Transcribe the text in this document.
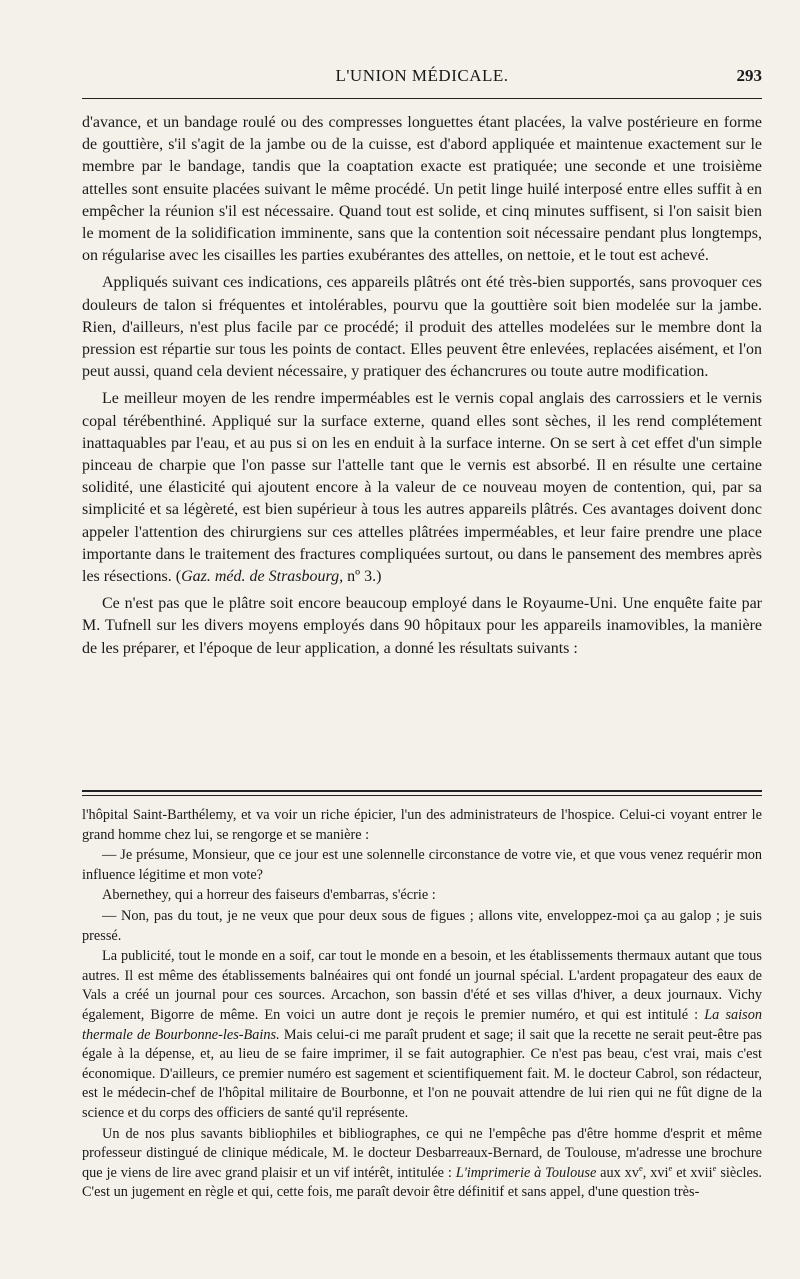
L'UNION MÉDICALE.	293

d'avance, et un bandage roulé ou des compresses longuettes étant placées, la valve postérieure en forme de gouttière, s'il s'agit de la jambe ou de la cuisse, est d'abord appliquée et maintenue exactement sur le membre par le bandage, tandis que la coaptation exacte est pratiquée; une seconde et une troisième attelles sont ensuite placées suivant le même procédé. Un petit linge huilé interposé entre elles suffit à en empêcher la réunion s'il est nécessaire. Quand tout est solide, et cinq minutes suffisent, si l'on saisit bien le moment de la solidification imminente, sans que la contention soit nécessaire pendant plus longtemps, on régularise avec les cisailles les parties exubérantes des attelles, on nettoie, et le tout est achevé.

Appliqués suivant ces indications, ces appareils plâtrés ont été très-bien supportés, sans provoquer ces douleurs de talon si fréquentes et intolérables, pourvu que la gouttière soit bien modelée sur la jambe. Rien, d'ailleurs, n'est plus facile par ce procédé; il produit des attelles modelées sur le membre dont la pression est répartie sur tous les points de contact. Elles peuvent être enlevées, replacées aisément, et l'on peut aussi, quand cela devient nécessaire, y pratiquer des échancrures ou toute autre modification.

Le meilleur moyen de les rendre imperméables est le vernis copal anglais des carrossiers et le vernis copal térébenthiné. Appliqué sur la surface externe, quand elles sont sèches, il les rend complétement inattaquables par l'eau, et au pus si on les en enduit à la surface interne. On se sert à cet effet d'un simple pinceau de charpie que l'on passe sur l'attelle tant que le vernis est absorbé. Il en résulte une certaine solidité, une élasticité qui ajoutent encore à la valeur de ce nouveau moyen de contention, qui, par sa simplicité et sa légèreté, est bien supérieur à tous les autres appareils plâtrés. Ces avantages doivent donc appeler l'attention des chirurgiens sur ces attelles plâtrées imperméables, et leur faire prendre une place importante dans le traitement des fractures compliquées surtout, ou dans le pansement des membres après les résections. (Gaz. méd. de Strasbourg, nº 3.)

Ce n'est pas que le plâtre soit encore beaucoup employé dans le Royaume-Uni. Une enquête faite par M. Tufnell sur les divers moyens employés dans 90 hôpitaux pour les appareils inamovibles, la manière de les préparer, et l'époque de leur application, a donné les résultats suivants :

l'hôpital Saint-Barthélemy, et va voir un riche épicier, l'un des administrateurs de l'hospice. Celui-ci voyant entrer le grand homme chez lui, se rengorge et se manière :

— Je présume, Monsieur, que ce jour est une solennelle circonstance de votre vie, et que vous venez requérir mon influence légitime et mon vote?

Abernethey, qui a horreur des faiseurs d'embarras, s'écrie :

— Non, pas du tout, je ne veux que pour deux sous de figues ; allons vite, enveloppez-moi ça au galop ; je suis pressé.

La publicité, tout le monde en a soif, car tout le monde en a besoin, et les établissements thermaux autant que tous autres. Il est même des établissements balnéaires qui ont fondé un journal spécial. L'ardent propagateur des eaux de Vals a créé un journal pour ces sources. Arcachon, son bassin d'été et ses villas d'hiver, a deux journaux. Vichy également, Bigorre de même. En voici un autre dont je reçois le premier numéro, et qui est intitulé : La saison thermale de Bourbonne-les-Bains. Mais celui-ci me paraît prudent et sage; il sait que la recette ne serait peut-être pas égale à la dépense, et, au lieu de se faire imprimer, il se fait autographier. Ce n'est pas beau, c'est vrai, mais c'est économique. D'ailleurs, ce premier numéro est sagement et scientifiquement fait. M. le docteur Cabrol, son rédacteur, est le médecin-chef de l'hôpital militaire de Bourbonne, et l'on ne pouvait attendre de lui rien qui ne fût digne de la science et du corps des officiers de santé qu'il représente.

Un de nos plus savants bibliophiles et bibliographes, ce qui ne l'empêche pas d'être homme d'esprit et même professeur distingué de clinique médicale, M. le docteur Desbarreaux-Bernard, de Toulouse, m'adresse une brochure que je viens de lire avec grand plaisir et un vif intérêt, intitulée : L'imprimerie à Toulouse aux $xv^e$, xvi$^e$ et xvii$^e$ siècles. C'est un jugement en règle et qui, cette fois, me paraît devoir être définitif et sans appel, d'une question très-
